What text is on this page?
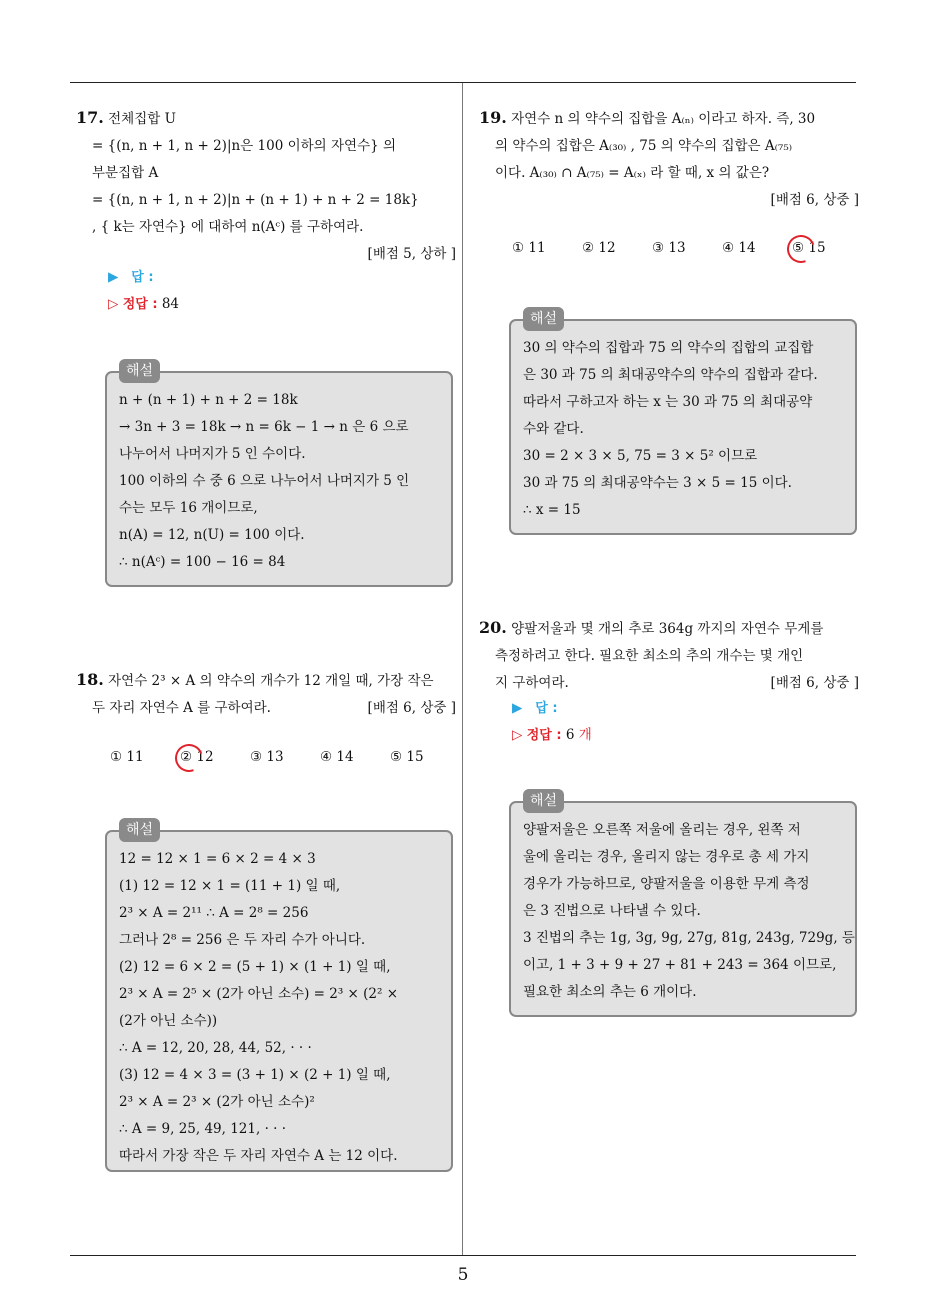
17. 전체집합 U
= {(n, n + 1, n + 2)|n은 100 이하의 자연수} 의
부분집합 A
= {(n, n + 1, n + 2)|n + (n + 1) + n + 2 = 18k}
, { k는 자연수} 에 대하여 n(Aᶜ) 를 구하여라.
[배점 5, 상하 ]
▶ 답 :
▷ 정답 : 84
해설
n + (n + 1) + n + 2 = 18k
→ 3n + 3 = 18k → n = 6k − 1 → n 은 6 으로
나누어서 나머지가 5 인 수이다.
100 이하의 수 중 6 으로 나누어서 나머지가 5 인
수는 모두 16 개이므로,
n(A) = 12, n(U) = 100 이다.
∴ n(Aᶜ) = 100 − 16 = 84
18. 자연수 2³ × A 의 약수의 개수가 12 개일 때, 가장 작은
두 자리 자연수 A 를 구하여라.	[배점 6, 상중 ]
① 11	② 12	③ 13	④ 14	⑤ 15
해설
12 = 12 × 1 = 6 × 2 = 4 × 3
(1) 12 = 12 × 1 = (11 + 1) 일 때,
2³ × A = 2¹¹ ∴ A = 2⁸ = 256
그러나 2⁸ = 256 은 두 자리 수가 아니다.
(2) 12 = 6 × 2 = (5 + 1) × (1 + 1) 일 때,
2³ × A = 2⁵ × (2가 아닌 소수) = 2³ × (2² ×
(2가 아닌 소수))
∴ A = 12, 20, 28, 44, 52, · · ·
(3) 12 = 4 × 3 = (3 + 1) × (2 + 1) 일 때,
2³ × A = 2³ × (2가 아닌 소수)²
∴ A = 9, 25, 49, 121, · · ·
따라서 가장 작은 두 자리 자연수 A 는 12 이다.
19. 자연수 n 의 약수의 집합을 A₍ₙ₎ 이라고 하자. 즉, 30
의 약수의 집합은 A₍₃₀₎ , 75 의 약수의 집합은 A₍₇₅₎
이다. A₍₃₀₎ ∩ A₍₇₅₎ = A₍ₓ₎ 라 할 때, x 의 값은?
[배점 6, 상중 ]
① 11	② 12	③ 13	④ 14	⑤ 15
해설
30 의 약수의 집합과 75 의 약수의 집합의 교집합
은 30 과 75 의 최대공약수의 약수의 집합과 같다.
따라서 구하고자 하는 x 는 30 과 75 의 최대공약
수와 같다.
30 = 2 × 3 × 5, 75 = 3 × 5² 이므로
30 과 75 의 최대공약수는 3 × 5 = 15 이다.
∴ x = 15
20. 양팔저울과 몇 개의 추로 364g 까지의 자연수 무게를
측정하려고 한다. 필요한 최소의 추의 개수는 몇 개인
지 구하여라.	[배점 6, 상중 ]
▶ 답 :
▷ 정답 : 6 개
해설
양팔저울은 오른쪽 저울에 올리는 경우, 왼쪽 저
울에 올리는 경우, 올리지 않는 경우로 총 세 가지
경우가 가능하므로, 양팔저울을 이용한 무게 측정
은 3 진법으로 나타낼 수 있다.
3 진법의 추는 1g, 3g, 9g, 27g, 81g, 243g, 729g, 등
이고, 1 + 3 + 9 + 27 + 81 + 243 = 364 이므로,
필요한 최소의 추는 6 개이다.
5
